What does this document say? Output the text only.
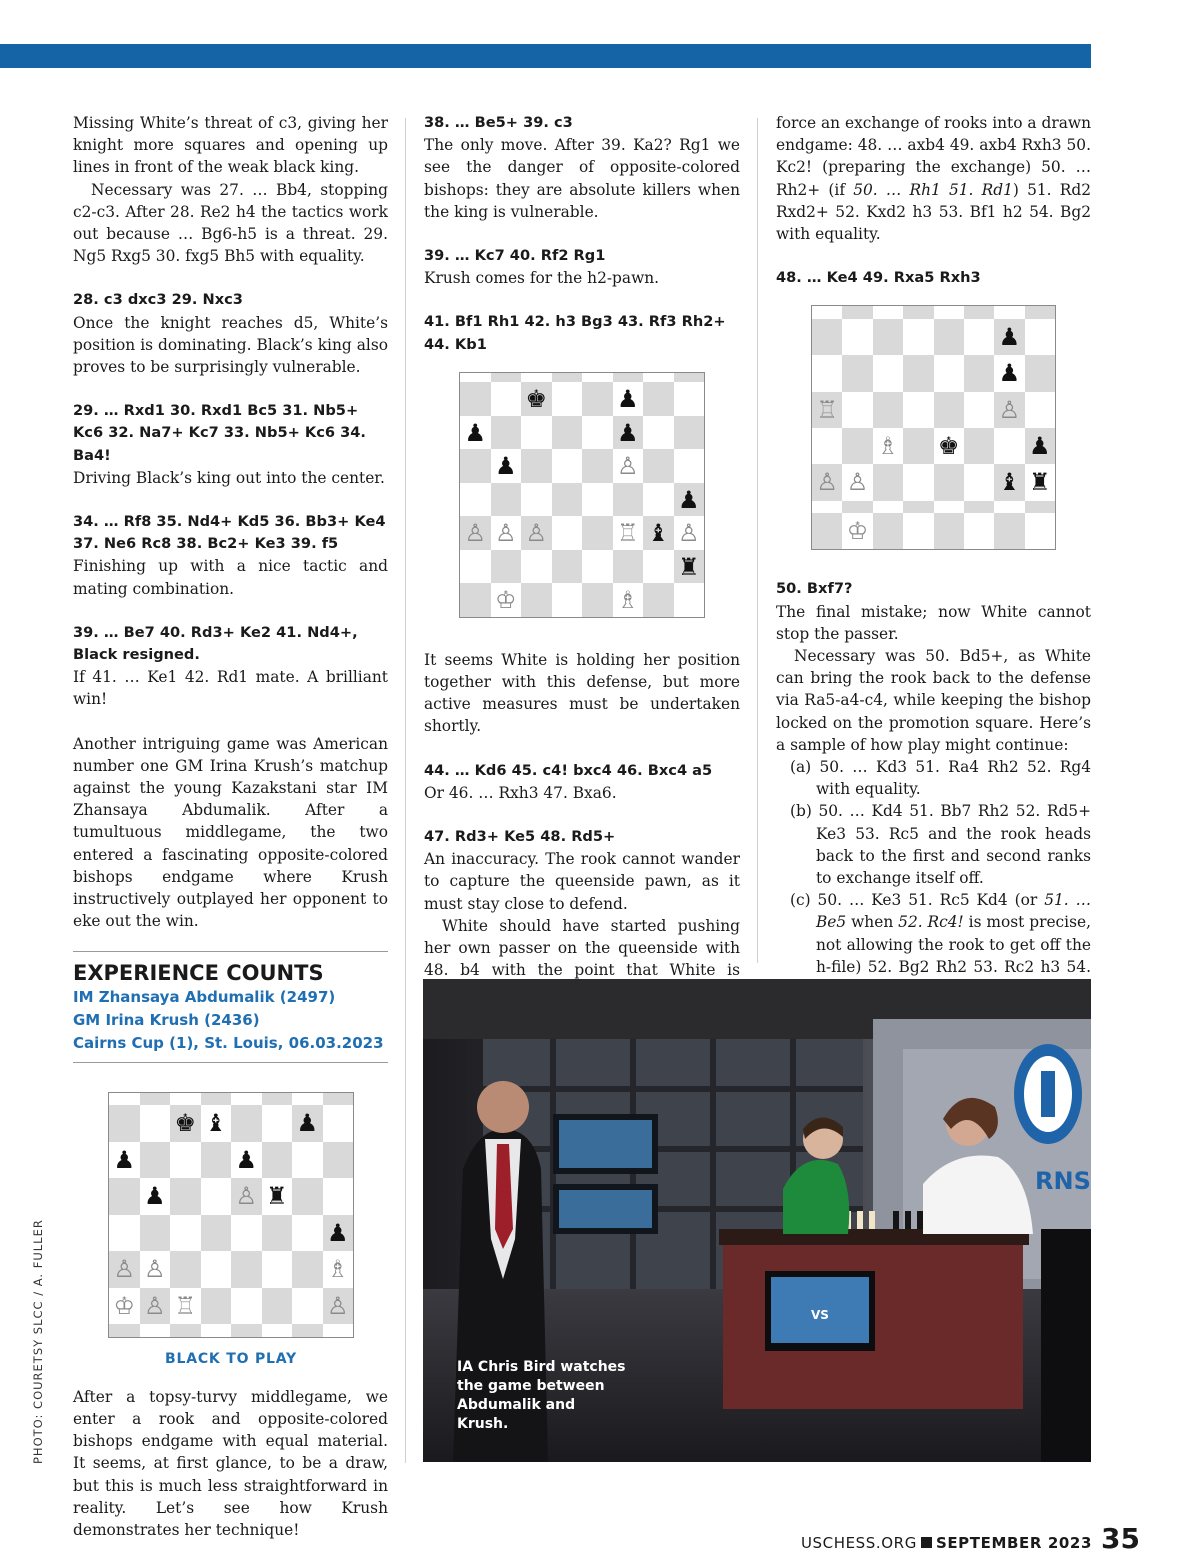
Missing White’s threat of c3, giving her knight more squares and opening up lines in front of the weak black king.

Necessary was 27. … Bb4, stopping c2-c3. After 28. Re2 h4 the tactics work out because … Bg6-h5 is a threat. 29. Ng5 Rxg5 30. fxg5 Bh5 with equality.

28. c3 dxc3 29. Nxc3

Once the knight reaches d5, White’s position is dominating. Black’s king also proves to be surprisingly vulnerable.

29. … Rxd1 30. Rxd1 Bc5 31. Nb5+ Kc6 32. Na7+ Kc7 33. Nb5+ Kc6 34. Ba4!

Driving Black’s king out into the center.

34. … Rf8 35. Nd4+ Kd5 36. Bb3+ Ke4 37. Ne6 Rc8 38. Bc2+ Ke3 39. f5

Finishing up with a nice tactic and mating combination.

39. … Be7 40. Rd3+ Ke2 41. Nd4+, Black resigned.

If 41. … Ke1 42. Rd1 mate. A brilliant win!

Another intriguing game was American number one GM Irina Krush’s matchup against the young Kazakstani star IM Zhansaya Abdumalik. After a tumultuous middlegame, the two entered a fascinating opposite-colored bishops endgame where Krush instructively outplayed her opponent to eke out the win.

EXPERIENCE COUNTS
IM Zhansaya Abdumalik (2497)
GM Irina Krush (2436)
Cairns Cup (1), St. Louis, 06.03.2023
♚ ♝	♟
♟	♟
♟	♙ ♜
♟
♙ ♙	♗
♔ ♙ ♖	♙
BLACK TO PLAY

After a topsy-turvy middlegame, we enter a rook and opposite-colored bishops endgame with equal material. It seems, at first glance, to be a draw, but this is much less straightforward in reality. Let’s see how Krush demonstrates her technique!

38. … Be5+ 39. c3

The only move. After 39. Ka2? Rg1 we see the danger of opposite-colored bishops: they are absolute killers when the king is vulnerable.

39. … Kc7 40. Rf2 Rg1

Krush comes for the h2-pawn.

41. Bf1 Rh1 42. h3 Bg3 43. Rf3 Rh2+ 44. Kb1
♚	♟
♟	♟
♟	♙
♟
♙ ♙ ♙	♖ ♝ ♙
♜
♔	♗

It seems White is holding her position together with this defense, but more active measures must be undertaken shortly.

44. … Kd6 45. c4! bxc4 46. Bxc4 a5

Or 46. … Rxh3 47. Bxa6.

47. Rd3+ Ke5 48. Rd5+

An inaccuracy. The rook cannot wander to capture the queenside pawn, as it must stay close to defend.

White should have started pushing her own passer on the queenside with 48. b4 with the point that White is

force an exchange of rooks into a drawn endgame: 48. … axb4 49. axb4 Rxh3 50. Kc2! (preparing the exchange) 50. … Rh2+ (if 50. … Rh1 51. Rd1) 51. Rd2 Rxd2+ 52. Kxd2 h3 53. Bf1 h2 54. Bg2 with equality.

48. … Ke4 49. Rxa5 Rxh3
♟
♟
♖	♙
♗ ♚	♟
♙ ♙	♝ ♜
♔
50. Bxf7?

The final mistake; now White cannot stop the passer.

Necessary was 50. Bd5+, as White can bring the rook back to the defense via Ra5-a4-c4, while keeping the bishop locked on the promotion square. Here’s a sample of how play might continue:

(a) 50. … Kd3 51. Ra4 Rh2 52. Rg4 with equality.
(b) 50. … Kd4 51. Bb7 Rh2 52. Rd5+ Ke3 53. Rc5 and the rook heads back to the first and second ranks to exchange itself off.
(c) 50. … Ke3 51. Rc5 Kd4 (or 51. … Be5 when 52. Rc4! is most precise, not allowing the rook to get off the h-file) 52. Bg2 Rh2 53. Rc2 h3 54.
RNS
VS
IA Chris Bird watches the game between Abdumalik and Krush.
PHOTO: COURETSY SLCC / A. FULLER
USCHESS.ORG SEPTEMBER 2023 35
